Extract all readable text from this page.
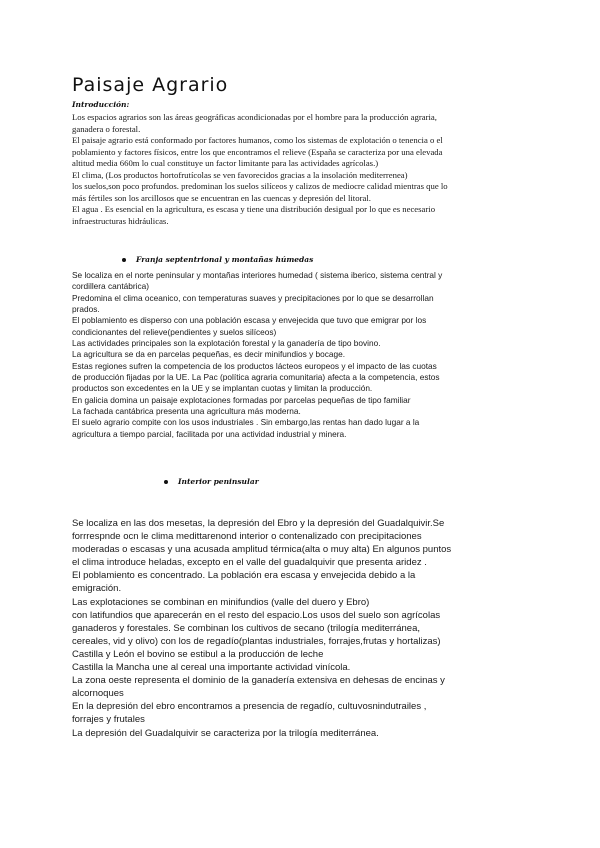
Paisaje Agrario
Introducción:
Los espacios agrarios son las áreas geográficas acondicionadas por el hombre para la producción agraria,
ganadera o forestal.
El paisaje agrario está conformado por factores humanos, como los sistemas de explotación o tenencia o el
poblamiento y factores físicos, entre los que encontramos el relieve (España se caracteriza por una elevada
altitud media 660m lo cual constituye un factor limitante para las actividades agrícolas.)
El clima, (Los productos hortofrutícolas se ven favorecidos gracias a la insolación mediterrenea)
los suelos,son poco profundos. predominan los suelos silíceos y calizos de mediocre calidad mientras que lo
más fértiles son los arcillosos que se encuentran en las cuencas y depresión del litoral.
El agua . Es esencial en la agricultura, es escasa y tiene una distribución desigual por lo que es necesario
infraestructuras hidráulicas.
Franja septentrional y montañas húmedas
Se localiza en el norte peninsular y montañas interiores humedad ( sistema iberico, sistema central y
cordillera cantábrica)
Predomina el clima oceanico, con temperaturas suaves y precipitaciones por lo que se desarrollan
prados.
El poblamiento es disperso con una población escasa y envejecida que tuvo que emigrar por los
condicionantes del relieve(pendientes y suelos silíceos)
Las actividades principales son la explotación forestal y la ganadería de tipo bovino.
La agricultura se da en parcelas pequeñas, es decir minifundios y bocage.
Estas regiones sufren la competencia de los productos lácteos europeos y el impacto de las cuotas
de producción fijadas por la UE. La Pac (política agraria comunitaria) afecta a la competencia, estos
productos son excedentes en la UE y se implantan cuotas y limitan la producción.
En galicia domina un paisaje explotaciones formadas por parcelas pequeñas de tipo familiar
La fachada cantábrica presenta una agricultura más moderna.
El suelo agrario compite con los usos industriales . Sin embargo,las rentas han dado lugar a la
agricultura a tiempo parcial, facilitada por una actividad industrial y minera.
Interior peninsular
Se localiza en las dos mesetas, la depresión del Ebro y la depresión del Guadalquivir.Se
forrrespnde ocn le clima medittarenond interior o contenalizado con precipitaciones
moderadas o escasas y una acusada amplitud térmica(alta o muy alta) En algunos puntos
el clima introduce heladas, excepto en el valle del guadalquivir que presenta aridez .
El poblamiento es concentrado. La población era escasa y envejecida debido a la
emigración.
Las explotaciones se combinan en minifundios (valle del duero y Ebro)
con latifundios que aparecerán en el resto del espacio.Los usos del suelo son agrícolas
ganaderos y forestales. Se combinan los cultivos de secano (trilogía mediterránea,
cereales, vid y olivo) con los de regadío(plantas industriales, forrajes,frutas y hortalizas)
Castilla y León el bovino se estibul a la producción de leche
Castilla la Mancha une al cereal una importante actividad vinícola.
La zona oeste representa el dominio de la ganadería extensiva en dehesas de encinas y
alcornoques
En la depresión del ebro encontramos a presencia de regadío, cultuvosnindutrailes ,
forrajes y frutales
La depresión del Guadalquivir se caracteriza por la trilogía mediterránea.
